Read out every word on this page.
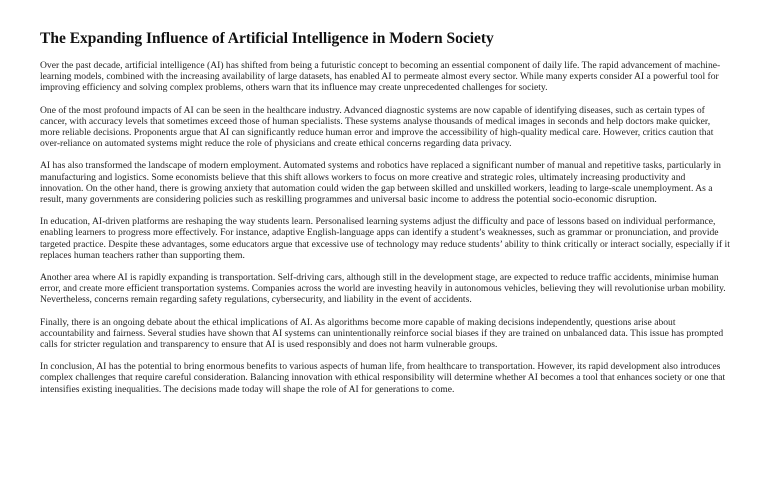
The Expanding Influence of Artificial Intelligence in Modern Society

Over the past decade, artificial intelligence (AI) has shifted from being a futuristic concept to becoming an essential component of daily life. The rapid advancement of machine-learning models, combined with the increasing availability of large datasets, has enabled AI to permeate almost every sector. While many experts consider AI a powerful tool for improving efficiency and solving complex problems, others warn that its influence may create unprecedented challenges for society.

One of the most profound impacts of AI can be seen in the healthcare industry. Advanced diagnostic systems are now capable of identifying diseases, such as certain types of cancer, with accuracy levels that sometimes exceed those of human specialists. These systems analyse thousands of medical images in seconds and help doctors make quicker, more reliable decisions. Proponents argue that AI can significantly reduce human error and improve the accessibility of high-quality medical care. However, critics caution that over-reliance on automated systems might reduce the role of physicians and create ethical concerns regarding data privacy.

AI has also transformed the landscape of modern employment. Automated systems and robotics have replaced a significant number of manual and repetitive tasks, particularly in manufacturing and logistics. Some economists believe that this shift allows workers to focus on more creative and strategic roles, ultimately increasing productivity and innovation. On the other hand, there is growing anxiety that automation could widen the gap between skilled and unskilled workers, leading to large-scale unemployment. As a result, many governments are considering policies such as reskilling programmes and universal basic income to address the potential socio-economic disruption.

In education, AI-driven platforms are reshaping the way students learn. Personalised learning systems adjust the difficulty and pace of lessons based on individual performance, enabling learners to progress more effectively. For instance, adaptive English-language apps can identify a student’s weaknesses, such as grammar or pronunciation, and provide targeted practice. Despite these advantages, some educators argue that excessive use of technology may reduce students’ ability to think critically or interact socially, especially if it replaces human teachers rather than supporting them.

Another area where AI is rapidly expanding is transportation. Self-driving cars, although still in the development stage, are expected to reduce traffic accidents, minimise human error, and create more efficient transportation systems. Companies across the world are investing heavily in autonomous vehicles, believing they will revolutionise urban mobility. Nevertheless, concerns remain regarding safety regulations, cybersecurity, and liability in the event of accidents.

Finally, there is an ongoing debate about the ethical implications of AI. As algorithms become more capable of making decisions independently, questions arise about accountability and fairness. Several studies have shown that AI systems can unintentionally reinforce social biases if they are trained on unbalanced data. This issue has prompted calls for stricter regulation and transparency to ensure that AI is used responsibly and does not harm vulnerable groups.

In conclusion, AI has the potential to bring enormous benefits to various aspects of human life, from healthcare to transportation. However, its rapid development also introduces complex challenges that require careful consideration. Balancing innovation with ethical responsibility will determine whether AI becomes a tool that enhances society or one that intensifies existing inequalities. The decisions made today will shape the role of AI for generations to come.
